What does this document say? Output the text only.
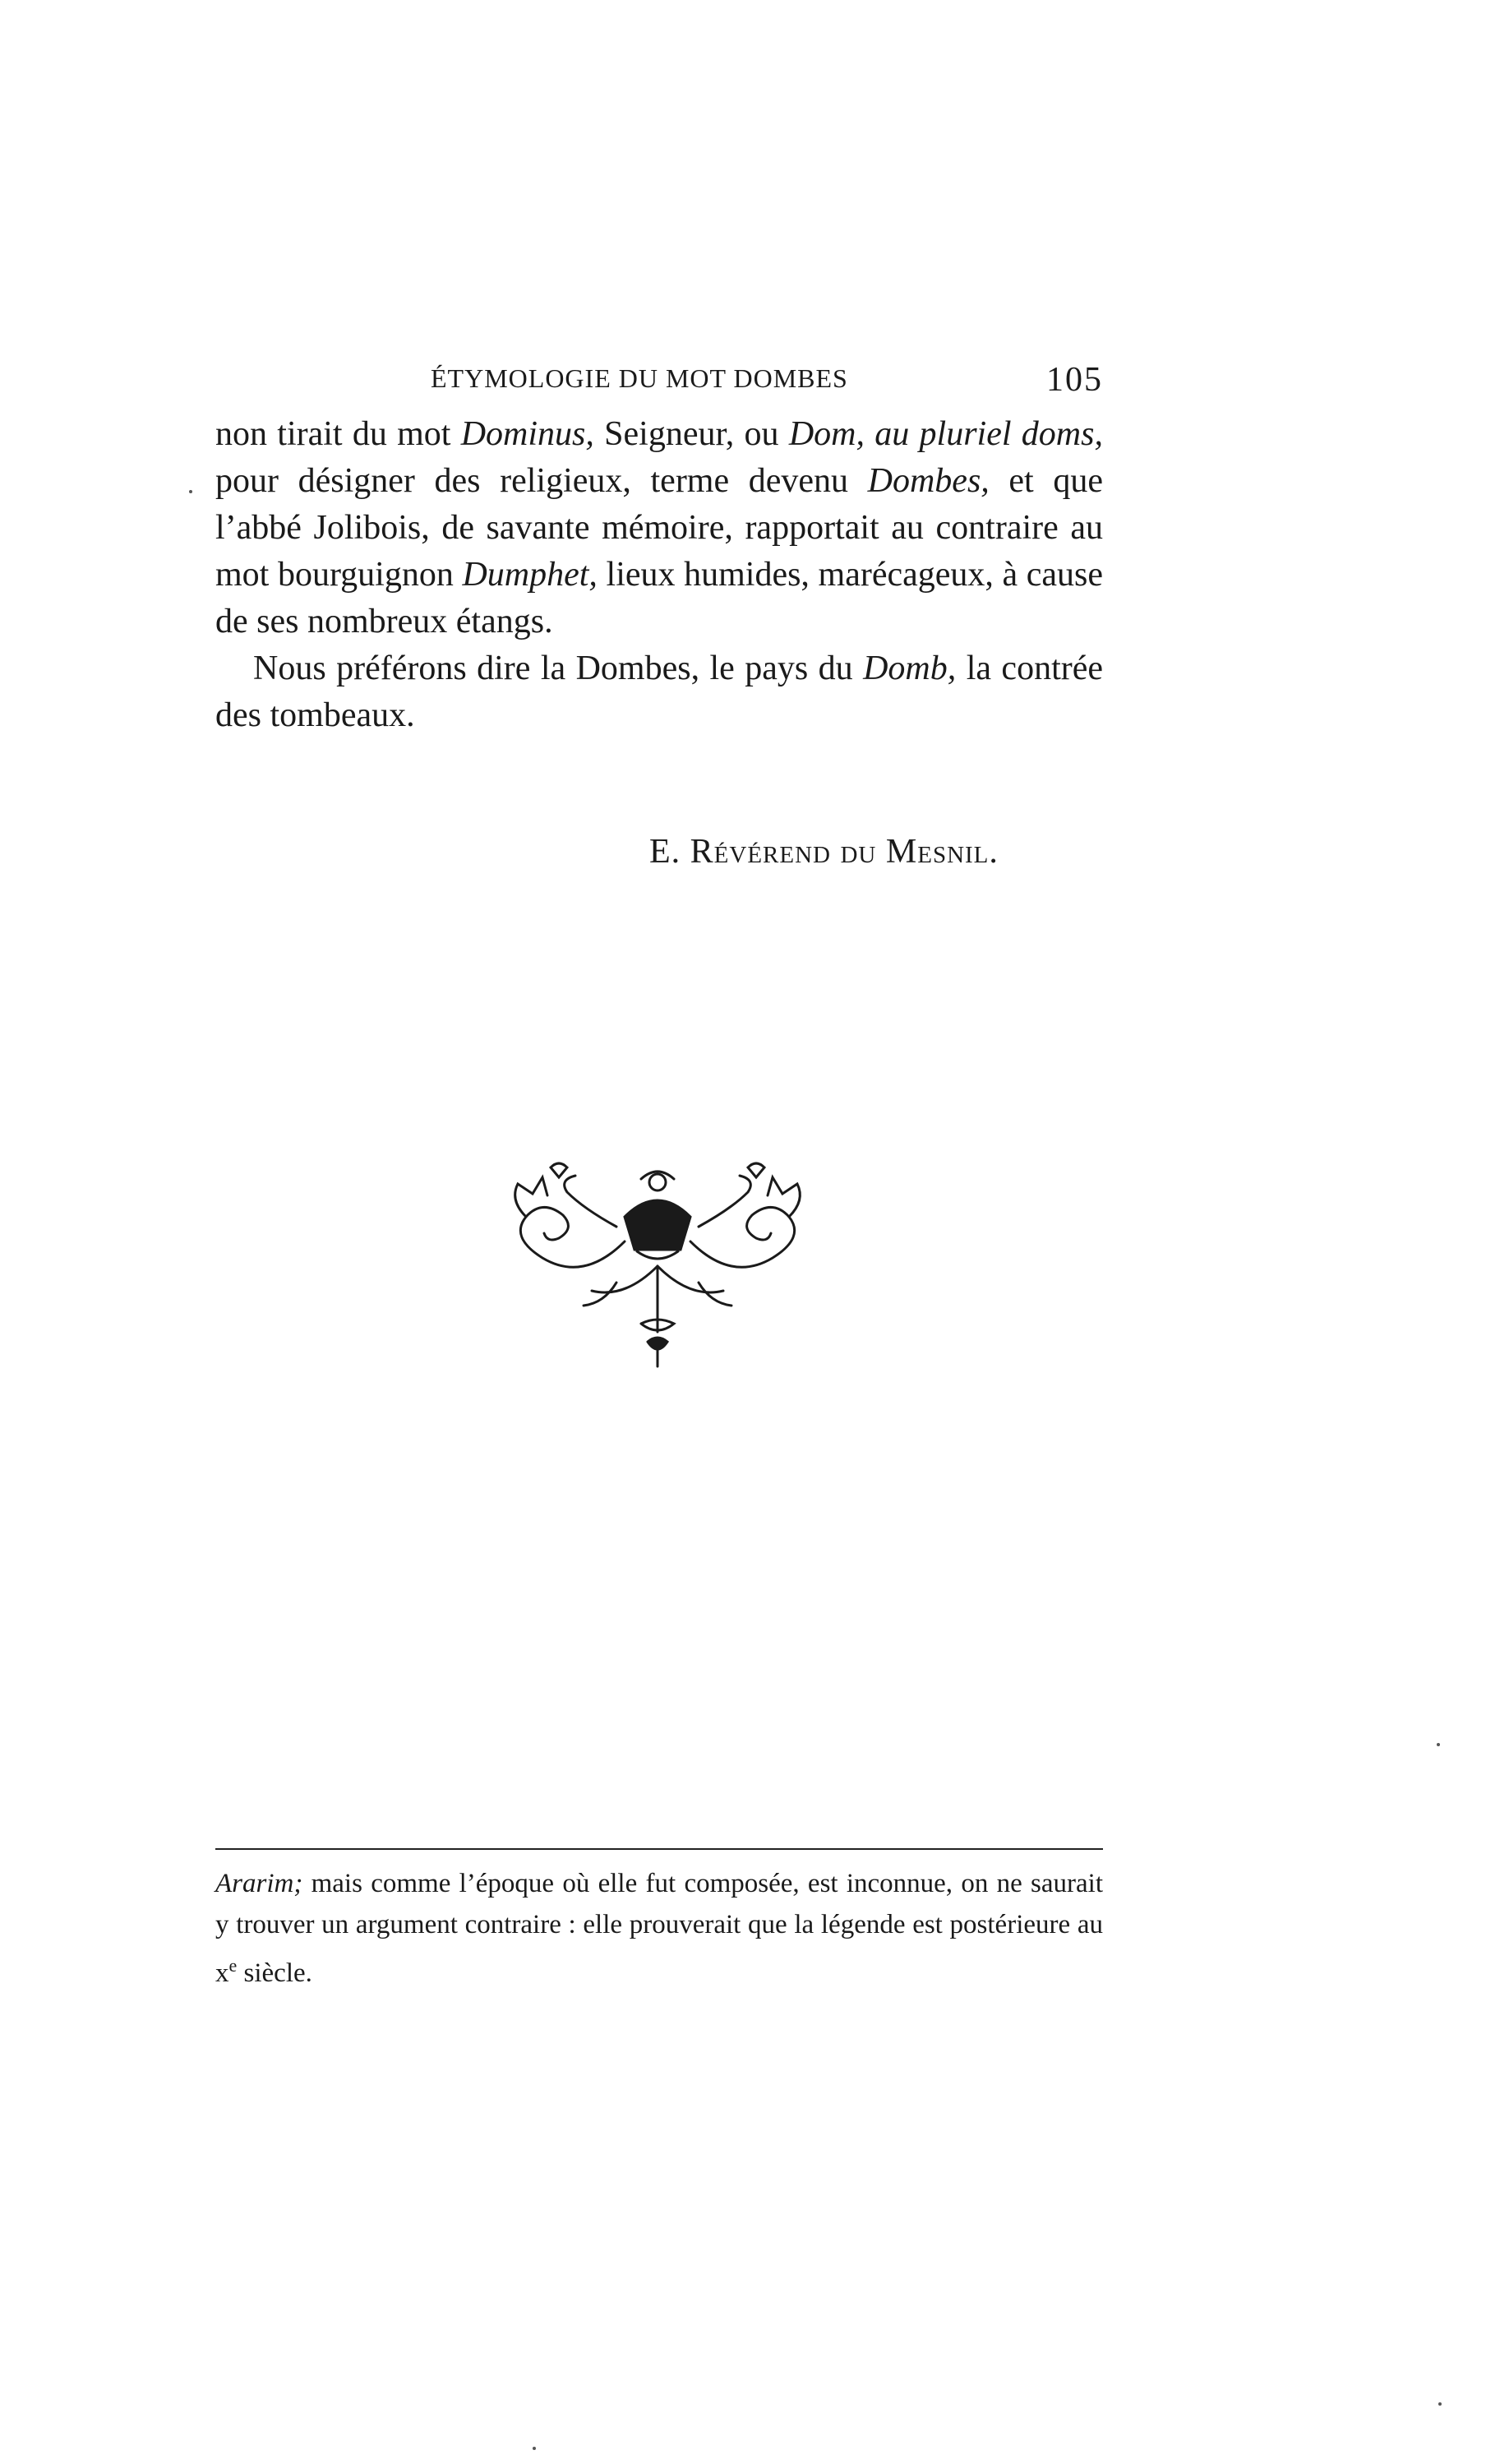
ÉTYMOLOGIE DU MOT DOMBES	105

non tirait du mot Dominus, Seigneur, ou Dom, au pluriel doms, pour désigner des religieux, terme devenu Dombes, et que l’abbé Jolibois, de savante mémoire, rapportait au contraire au mot bourguignon Dumphet, lieux humides, marécageux, à cause de ses nombreux étangs.

Nous préférons dire la Dombes, le pays du Domb, la contrée des tombeaux.

E. Révérend du Mesnil.

Ararim; mais comme l’époque où elle fut composée, est inconnue, on ne saurait y trouver un argument contraire : elle prouverait que la légende est postérieure au $x^e$ siècle.
